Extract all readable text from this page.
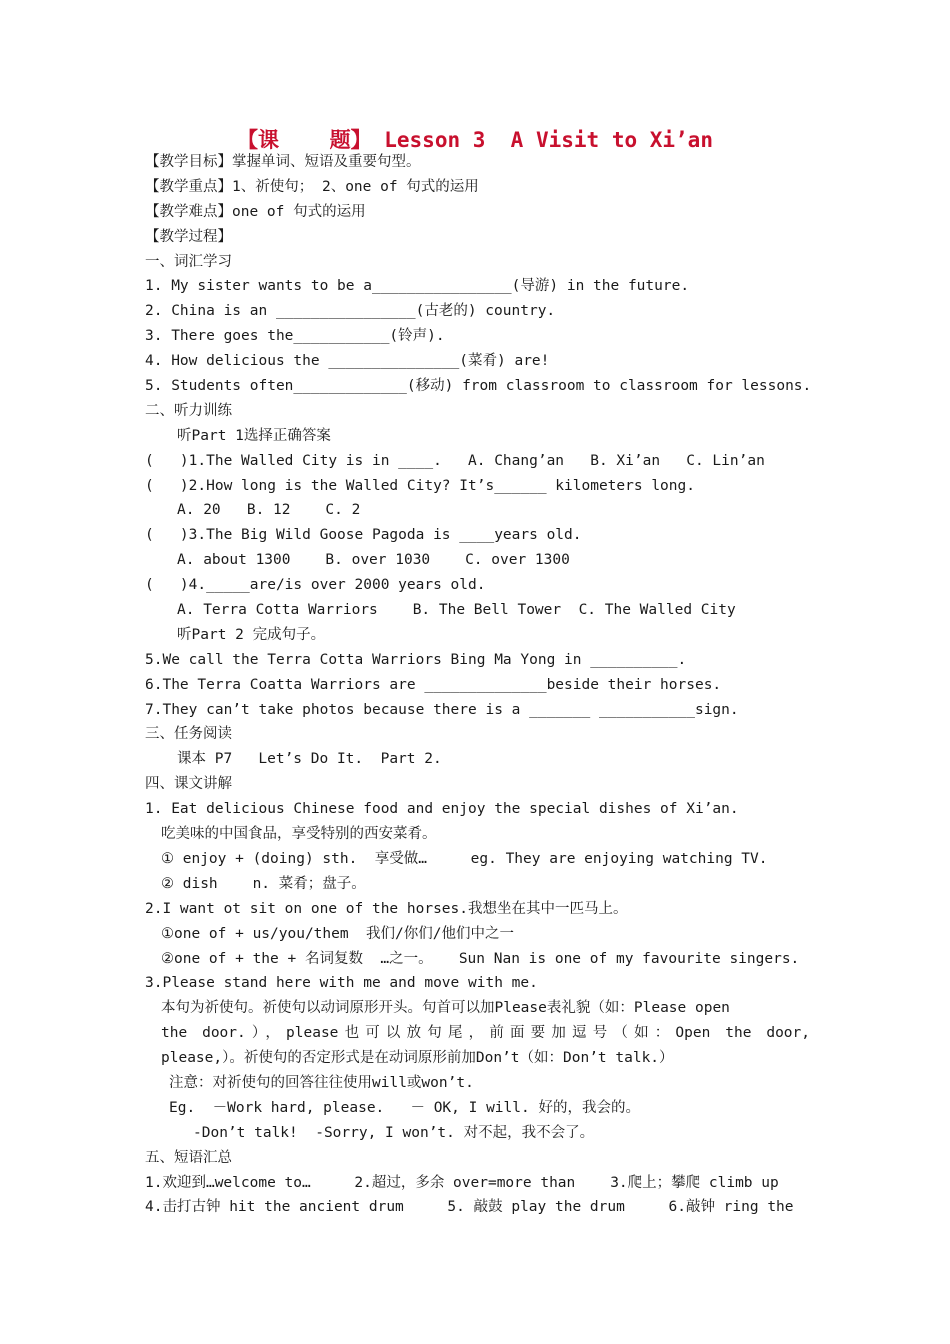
【课    题】 Lesson 3  A Visit to Xi’an
【教学目标】掌握单词、短语及重要句型。
【教学重点】1、祈使句； 2、one of 句式的运用
【教学难点】one of 句式的运用
【教学过程】
一、词汇学习
1. My sister wants to be a________________(导游) in the future.
2. China is an ________________(古老的) country.
3. There goes the___________(铃声).
4. How delicious the _______________(菜肴) are!
5. Students often_____________(移动) from classroom to classroom for lessons.
二、听力训练
听Part 1选择正确答案
(   )1.The Walled City is in ____.   A. Chang’an   B. Xi’an   C. Lin’an
(   )2.How long is the Walled City? It’s______ kilometers long.
A. 20   B. 12    C. 2
(   )3.The Big Wild Goose Pagoda is ____years old.
A. about 1300    B. over 1030    C. over 1300
(   )4._____are/is over 2000 years old.
A. Terra Cotta Warriors    B. The Bell Tower  C. The Walled City
听Part 2 完成句子。
5.We call the Terra Cotta Warriors Bing Ma Yong in __________.
6.The Terra Coatta Warriors are ______________beside their horses.
7.They can’t take photos because there is a _______ ___________sign.
三、任务阅读
课本 P7   Let’s Do It.  Part 2.
四、课文讲解
1. Eat delicious Chinese food and enjoy the special dishes of Xi’an.
吃美味的中国食品，享受特别的西安菜肴。
① enjoy + (doing) sth.  享受做…     eg. They are enjoying watching TV.
② dish    n. 菜肴；盘子。
2.I want ot sit on one of the horses.我想坐在其中一匹马上。
①one of + us/you/them  我们/你们/他们中之一
②one of + the + 名词复数  …之一。   Sun Nan is one of my favourite singers.
3.Please stand here with me and move with me.
本句为祈使句。祈使句以动词原形开头。句首可以加Please表礼貌（如：Please open
the door.），please也可以放句尾，前面要加逗号（如：Open the door,
please,）。祈使句的否定形式是在动词原形前加Don’t（如：Don’t talk.）
注意：对祈使句的回答往往使用will或won’t.
Eg.  －Work hard, please.   － OK, I will. 好的，我会的。
-Don’t talk!  -Sorry, I won’t. 对不起，我不会了。
五、短语汇总
1.欢迎到…welcome to…     2.超过，多余 over=more than    3.爬上；攀爬 climb up
4.击打古钟 hit the ancient drum     5. 敲鼓 play the drum     6.敲钟 ring the
